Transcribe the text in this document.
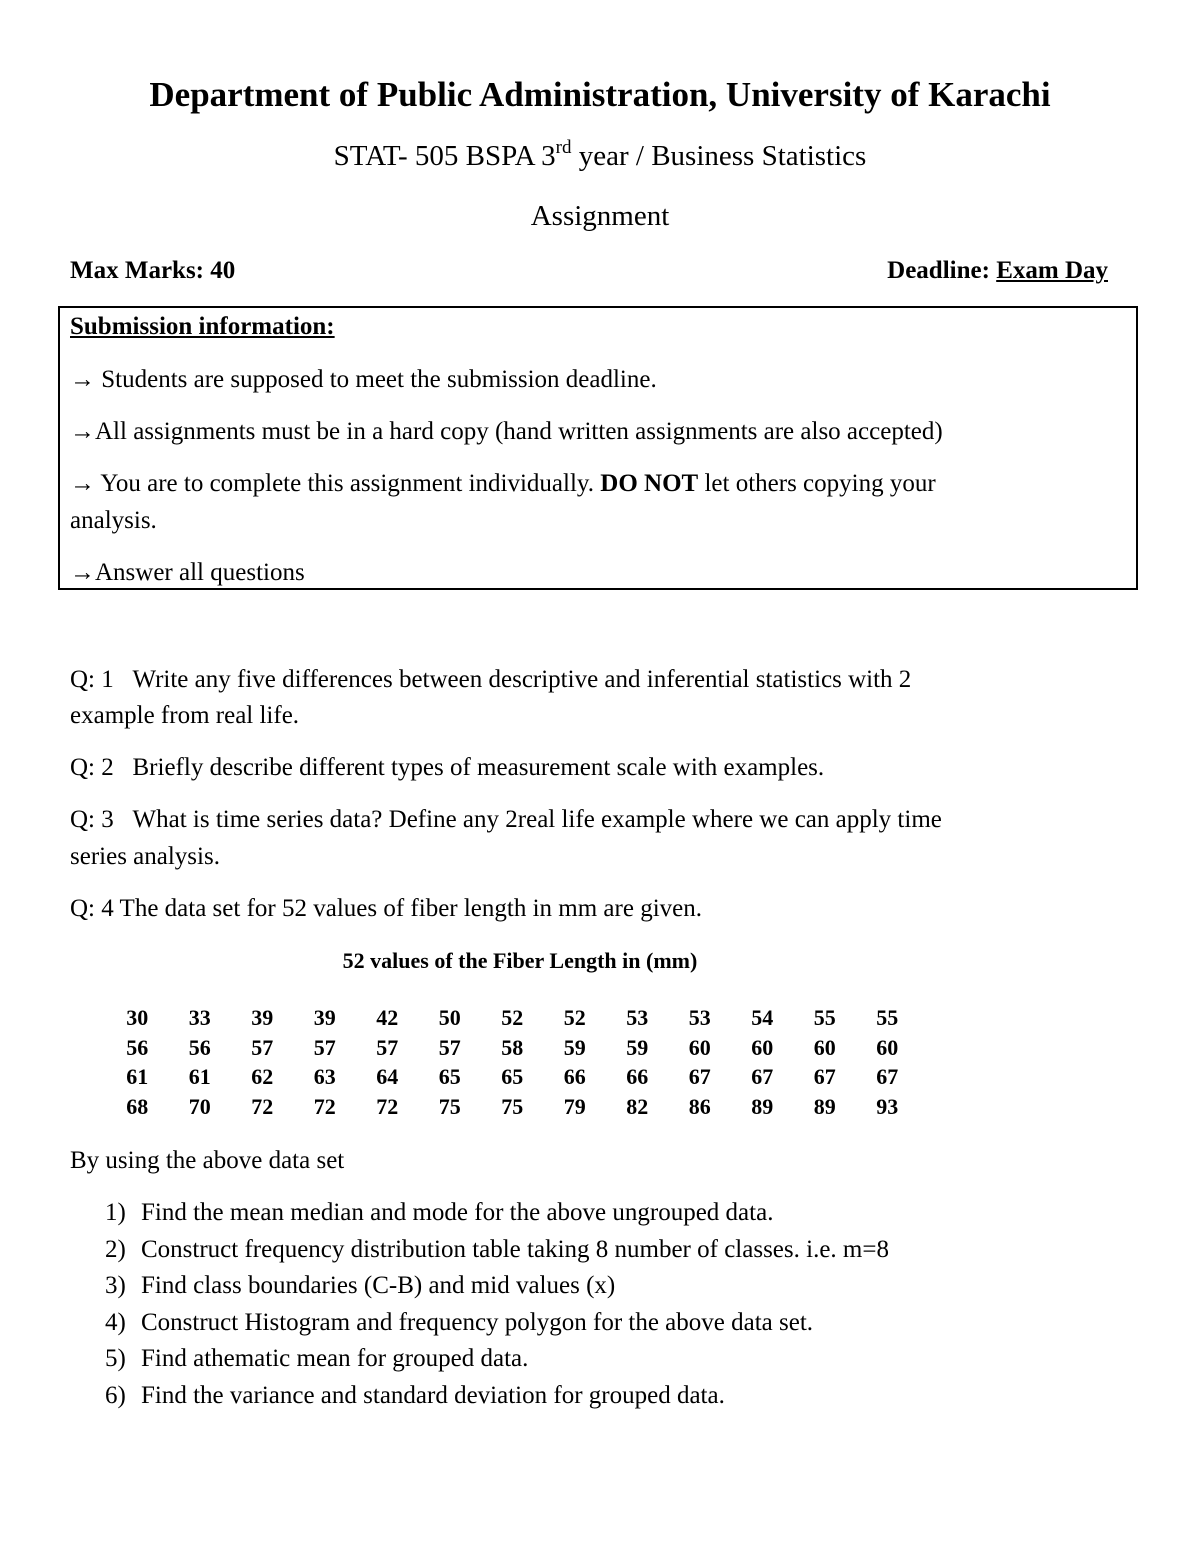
Department of Public Administration, University of Karachi
STAT- 505 BSPA 3rd year / Business Statistics
Assignment
Max Marks: 40	Deadline: Exam Day
Submission information:
→ Students are supposed to meet the submission deadline.
→All assignments must be in a hard copy (hand written assignments are also accepted)
→ You are to complete this assignment individually. DO NOT let others copying your
analysis.
→Answer all questions
Q: 1 Write any five differences between descriptive and inferential statistics with 2
example from real life.
Q: 2 Briefly describe different types of measurement scale with examples.
Q: 3 What is time series data? Define any 2real life example where we can apply time
series analysis.
Q: 4 The data set for 52 values of fiber length in mm are given.
52 values of the Fiber Length in (mm)
30	33	39	39	42	50	52	52	53	53	54	55	55
56	56	57	57	57	57	58	59	59	60	60	60	60
61	61	62	63	64	65	65	66	66	67	67	67	67
68	70	72	72	72	75	75	79	82	86	89	89	93
By using the above data set
1) Find the mean median and mode for the above ungrouped data.
2) Construct frequency distribution table taking 8 number of classes. i.e. m=8
3) Find class boundaries (C-B) and mid values (x)
4) Construct Histogram and frequency polygon for the above data set.
5) Find athematic mean for grouped data.
6) Find the variance and standard deviation for grouped data.
